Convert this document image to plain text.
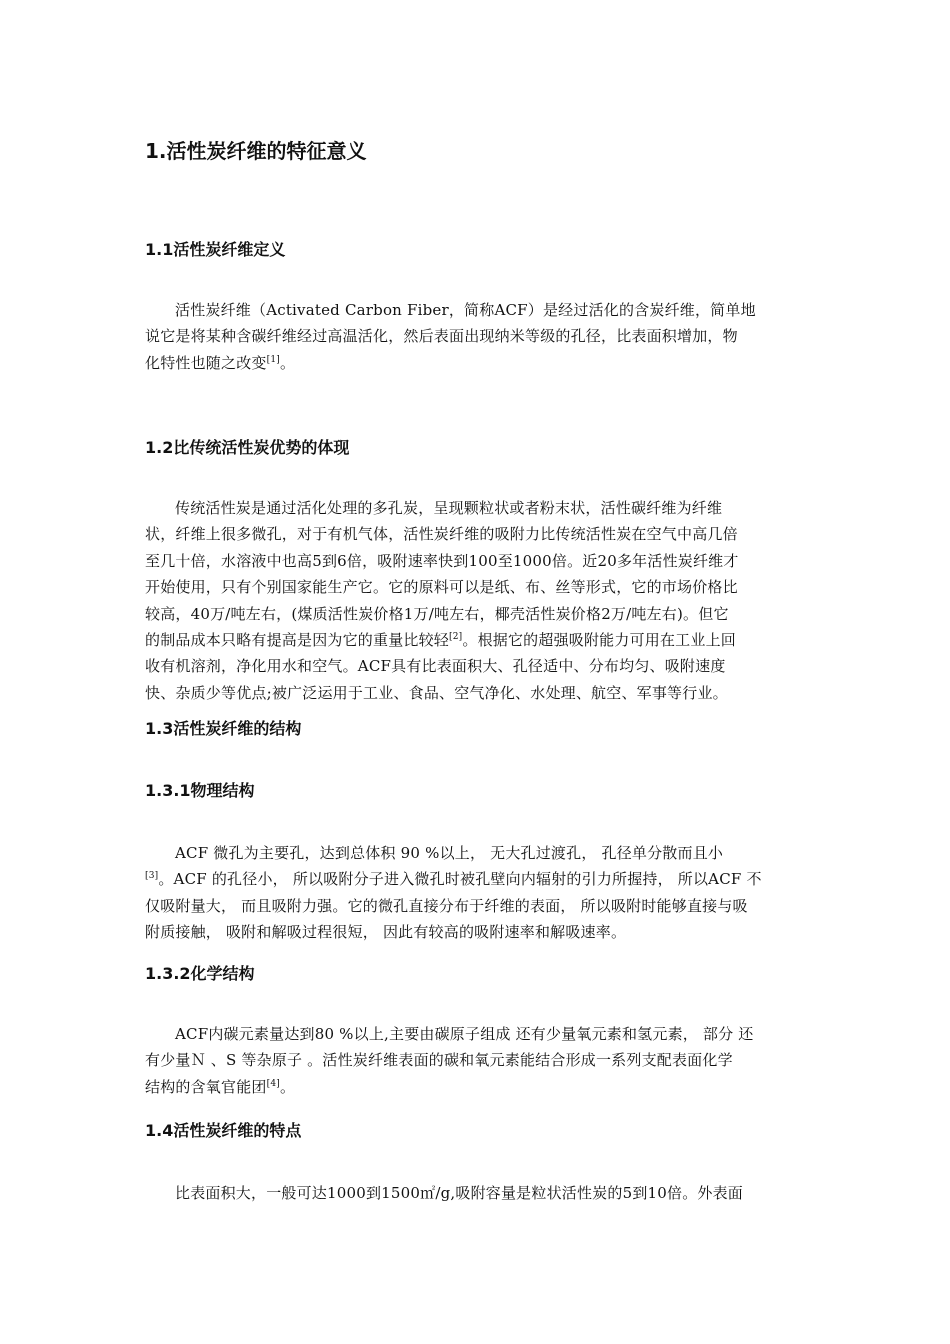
1.活性炭纤维的特征意义
1.1活性炭纤维定义
活性炭纤维（Activated Carbon Fiber，简称ACF）是经过活化的含炭纤维，简单地
说它是将某种含碳纤维经过高温活化，然后表面出现纳米等级的孔径，比表面积增加，物
化特性也随之改变[1]。
1.2比传统活性炭优势的体现
传统活性炭是通过活化处理的多孔炭，呈现颗粒状或者粉末状，活性碳纤维为纤维
状，纤维上很多微孔，对于有机气体，活性炭纤维的吸附力比传统活性炭在空气中高几倍
至几十倍，水溶液中也高5到6倍，吸附速率快到100至1000倍。近20多年活性炭纤维才
开始使用，只有个别国家能生产它。它的原料可以是纸、布、丝等形式，它的市场价格比
较高，40万/吨左右，(煤质活性炭价格1万/吨左右，椰壳活性炭价格2万/吨左右)。但它
的制品成本只略有提高是因为它的重量比较轻[2]。根据它的超强吸附能力可用在工业上回
收有机溶剂，净化用水和空气。ACF具有比表面积大、孔径适中、分布均匀、吸附速度
快、杂质少等优点;被广泛运用于工业、食品、空气净化、水处理、航空、军事等行业。
1.3活性炭纤维的结构
1.3.1物理结构
ACF 微孔为主要孔，达到总体积 90 %以上， 无大孔过渡孔， 孔径单分散而且小
[3]。ACF 的孔径小， 所以吸附分子进入微孔时被孔壁向内辐射的引力所握持， 所以ACF 不
仅吸附量大， 而且吸附力强。它的微孔直接分布于纤维的表面， 所以吸附时能够直接与吸
附质接触， 吸附和解吸过程很短， 因此有较高的吸附速率和解吸速率。
1.3.2化学结构
ACF内碳元素量达到80 %以上,主要由碳原子组成 还有少量氧元素和氢元素， 部分 还
有少量Ｎ 、S 等杂原子 。活性炭纤维表面的碳和氧元素能结合形成一系列支配表面化学
结构的含氧官能团[4]。
1.4活性炭纤维的特点
比表面积大，一般可达1000到1500㎡/g,吸附容量是粒状活性炭的5到10倍。外表面
